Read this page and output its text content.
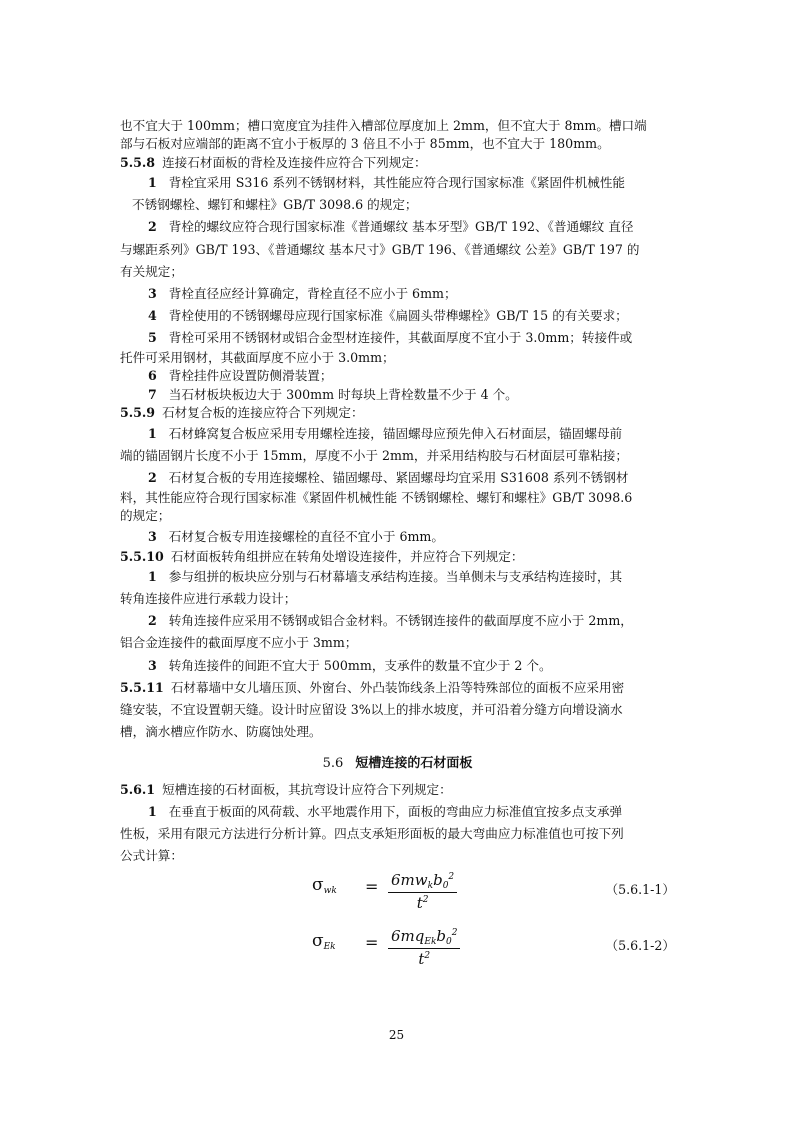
也不宜大于 100mm；槽口宽度宜为挂件入槽部位厚度加上 2mm，但不宜大于 8mm。槽口端
部与石板对应端部的距离不宜小于板厚的 3 倍且不小于 85mm，也不宜大于 180mm。
5.5.8 连接石材面板的背栓及连接件应符合下列规定：
1 背栓宜采用 S316 系列不锈钢材料，其性能应符合现行国家标准《紧固件机械性能
不锈钢螺栓、螺钉和螺柱》GB/T 3098.6 的规定；
2 背栓的螺纹应符合现行国家标准《普通螺纹 基本牙型》GB/T 192、《普通螺纹 直径
与螺距系列》GB/T 193、《普通螺纹 基本尺寸》GB/T 196、《普通螺纹 公差》GB/T 197 的
有关规定；
3 背栓直径应经计算确定，背栓直径不应小于 6mm；
4 背栓使用的不锈钢螺母应现行国家标准《扁圆头带榫螺栓》GB/T 15 的有关要求；
5 背栓可采用不锈钢材或铝合金型材连接件，其截面厚度不宜小于 3.0mm；转接件或
托件可采用钢材，其截面厚度不应小于 3.0mm；
6 背栓挂件应设置防侧滑装置；
7 当石材板块板边大于 300mm 时每块上背栓数量不少于 4 个。
5.5.9 石材复合板的连接应符合下列规定：
1 石材蜂窝复合板应采用专用螺栓连接，锚固螺母应预先伸入石材面层，锚固螺母前
端的锚固钢片长度不小于 15mm，厚度不小于 2mm，并采用结构胶与石材面层可靠粘接；
2 石材复合板的专用连接螺栓、锚固螺母、紧固螺母均宜采用 S31608 系列不锈钢材
料，其性能应符合现行国家标准《紧固件机械性能 不锈钢螺栓、螺钉和螺柱》GB/T 3098.6
的规定；
3 石材复合板专用连接螺栓的直径不宜小于 6mm。
5.5.10 石材面板转角组拼应在转角处增设连接件，并应符合下列规定：
1 参与组拼的板块应分别与石材幕墙支承结构连接。当单侧未与支承结构连接时，其
转角连接件应进行承载力设计；
2 转角连接件应采用不锈钢或铝合金材料。不锈钢连接件的截面厚度不应小于 2mm，
铝合金连接件的截面厚度不应小于 3mm；
3 转角连接件的间距不宜大于 500mm，支承件的数量不宜少于 2 个。
5.5.11 石材幕墙中女儿墙压顶、外窗台、外凸装饰线条上沿等特殊部位的面板不应采用密
缝安装，不宜设置朝天缝。设计时应留设 3%以上的排水坡度，并可沿着分缝方向增设滴水
槽，滴水槽应作防水、防腐蚀处理。
5.6 短槽连接的石材面板
5.6.1 短槽连接的石材面板，其抗弯设计应符合下列规定：
1 在垂直于板面的风荷载、水平地震作用下，面板的弯曲应力标准值宜按多点支承弹
性板，采用有限元方法进行分析计算。四点支承矩形面板的最大弯曲应力标准值也可按下列
公式计算：
$\sigma_{wk} = 6mw_kb_0^2$
$t^2$
（5.6.1-1）
$\sigma_{Ek} = 6mq_{Ek}b_0^2$
$t^2$
（5.6.1-2）
25
